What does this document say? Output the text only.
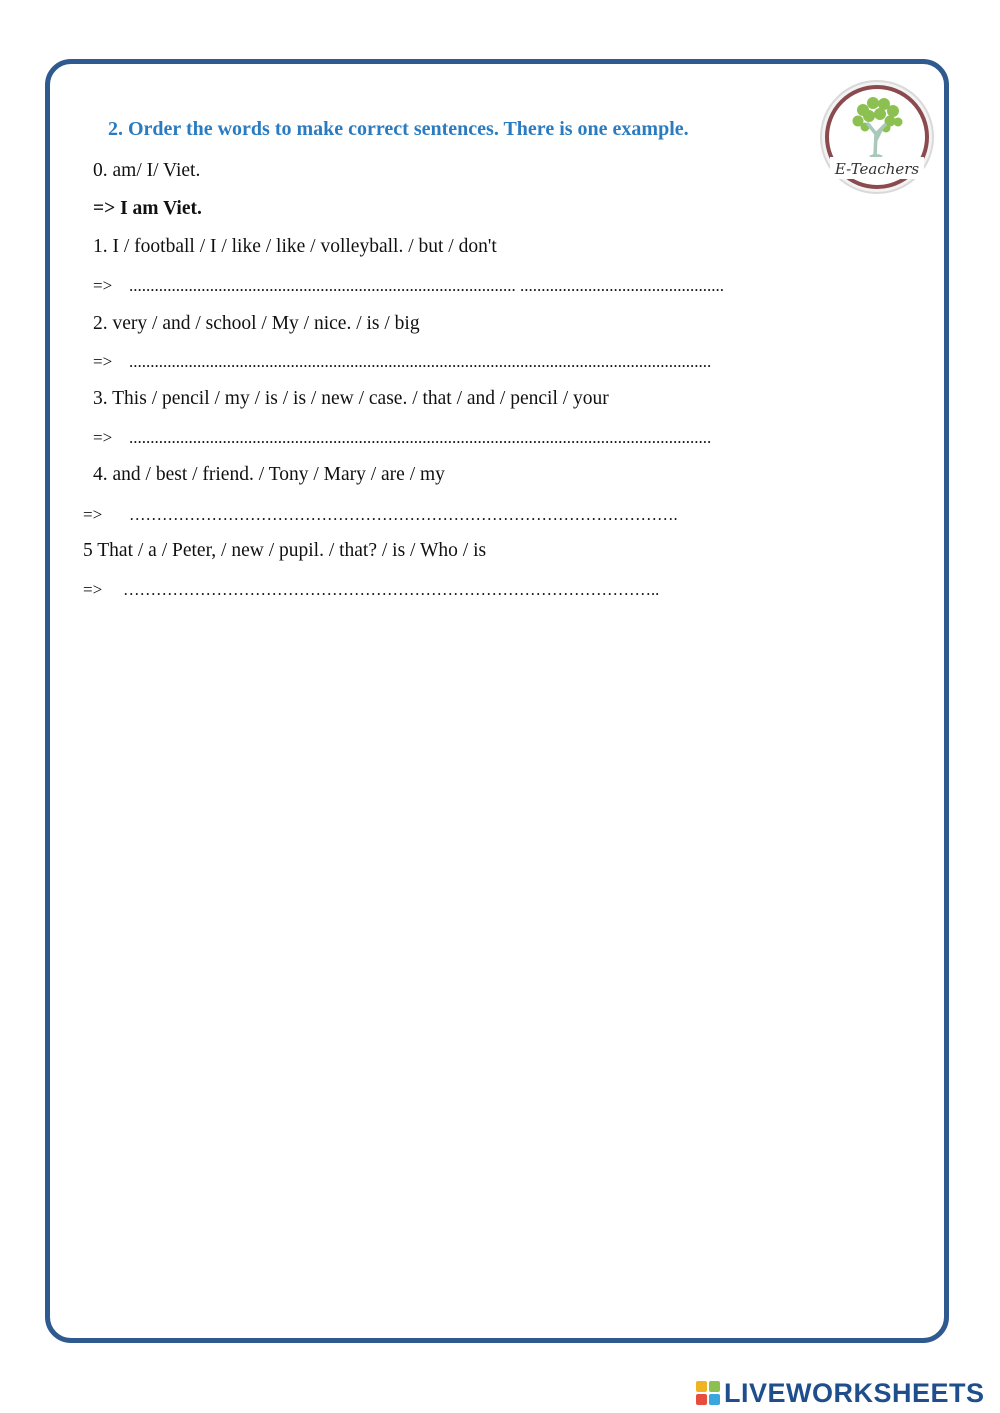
E-Teachers
2. Order the words to make correct sentences. There is one example.
0. am/ I/ Viet.
=> I am Viet.
1. I / football / I / like / like / volleyball. / but / don't
=> ........................................................................................... ................................................
2. very / and / school / My / nice. / is / big
=> .........................................................................................................................................
3. This / pencil / my / is / is / new / case. / that / and / pencil / your
=> .........................................................................................................................................
4. and / best / friend. / Tony / Mary / are / my
=> ……………………………………………………………………………………….
5 That / a / Peter, / new / pupil. / that? / is / Who / is
=> ……………………………………………………………………………………..
LIVEWORKSHEETS
